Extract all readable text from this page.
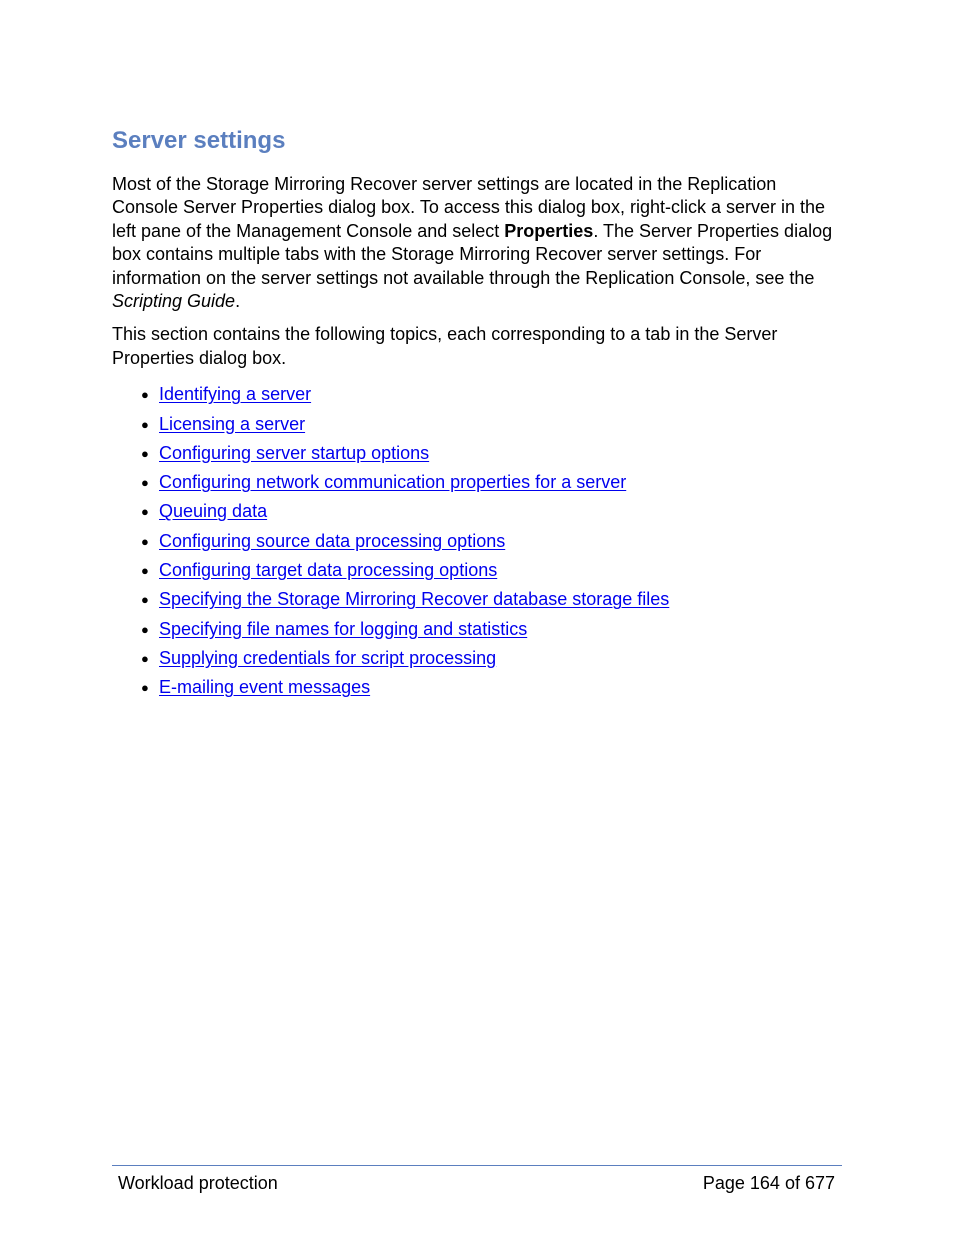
Server settings

Most of the Storage Mirroring Recover server settings are located in the Replication Console Server Properties dialog box. To access this dialog box, right-click a server in the left pane of the Management Console and select Properties. The Server Properties dialog box contains multiple tabs with the Storage Mirroring Recover server settings. For information on the server settings not available through the Replication Console, see the Scripting Guide.

This section contains the following topics, each corresponding to a tab in the Server Properties dialog box.

● Identifying a server
● Licensing a server
● Configuring server startup options
● Configuring network communication properties for a server
● Queuing data
● Configuring source data processing options
● Configuring target data processing options
● Specifying the Storage Mirroring Recover database storage files
● Specifying file names for logging and statistics
● Supplying credentials for script processing
● E-mailing event messages
Workload protection	Page 164 of 677
